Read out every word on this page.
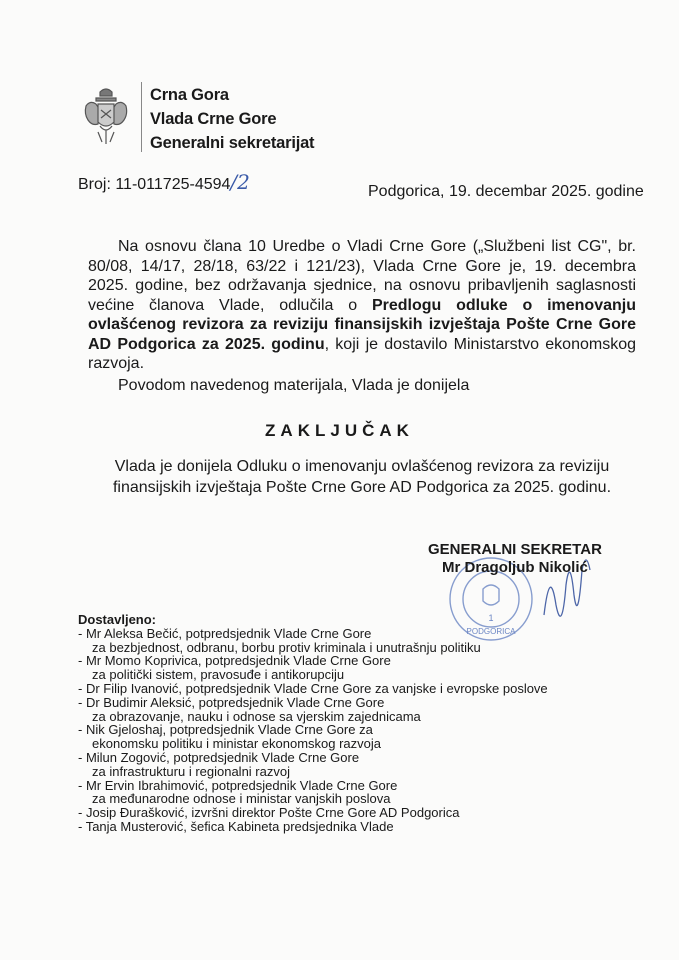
Crna Gora
Vlada Crne Gore
Generalni sekretarijat
Broj: 11-011725-4594/2	Podgorica, 19. decembar 2025. godine

Na osnovu člana 10 Uredbe o Vladi Crne Gore („Službeni list CG", br. 80/08, 14/17, 28/18, 63/22 i 121/23), Vlada Crne Gore je, 19. decembra 2025. godine, bez održavanja sjednice, na osnovu pribavljenih saglasnosti većine članova Vlade, odlučila o Predlogu odluke o imenovanju ovlašćenog revizora za reviziju finansijskih izvještaja Pošte Crne Gore AD Podgorica za 2025. godinu, koji je dostavilo Ministarstvo ekonomskog razvoja.

Povodom navedenog materijala, Vlada je donijela

ZAKLJUČAK
Vlada je donijela Odluku o imenovanju ovlašćenog revizora za reviziju finansijskih izvještaja Pošte Crne Gore AD Podgorica za 2025. godinu.
1
PODGORICA
GENERALNI SEKRETAR
Mr Dragoljub Nikolić
Dostavljeno:
- Mr Aleksa Bečić, potpredsjednik Vlade Crne Gore
za bezbjednost, odbranu, borbu protiv kriminala i unutrašnju politiku
- Mr Momo Koprivica, potpredsjednik Vlade Crne Gore
za politički sistem, pravosuđe i antikorupciju
- Dr Filip Ivanović, potpredsjednik Vlade Crne Gore za vanjske i evropske poslove
- Dr Budimir Aleksić, potpredsjednik Vlade Crne Gore
za obrazovanje, nauku i odnose sa vjerskim zajednicama
- Nik Gjeloshaj, potpredsjednik Vlade Crne Gore za
ekonomsku politiku i ministar ekonomskog razvoja
- Milun Zogović, potpredsjednik Vlade Crne Gore
za infrastrukturu i regionalni razvoj
- Mr Ervin Ibrahimović, potpredsjednik Vlade Crne Gore
za međunarodne odnose i ministar vanjskih poslova
- Josip Đurašković, izvršni direktor Pošte Crne Gore AD Podgorica
- Tanja Musterović, šefica Kabineta predsjednika Vlade
